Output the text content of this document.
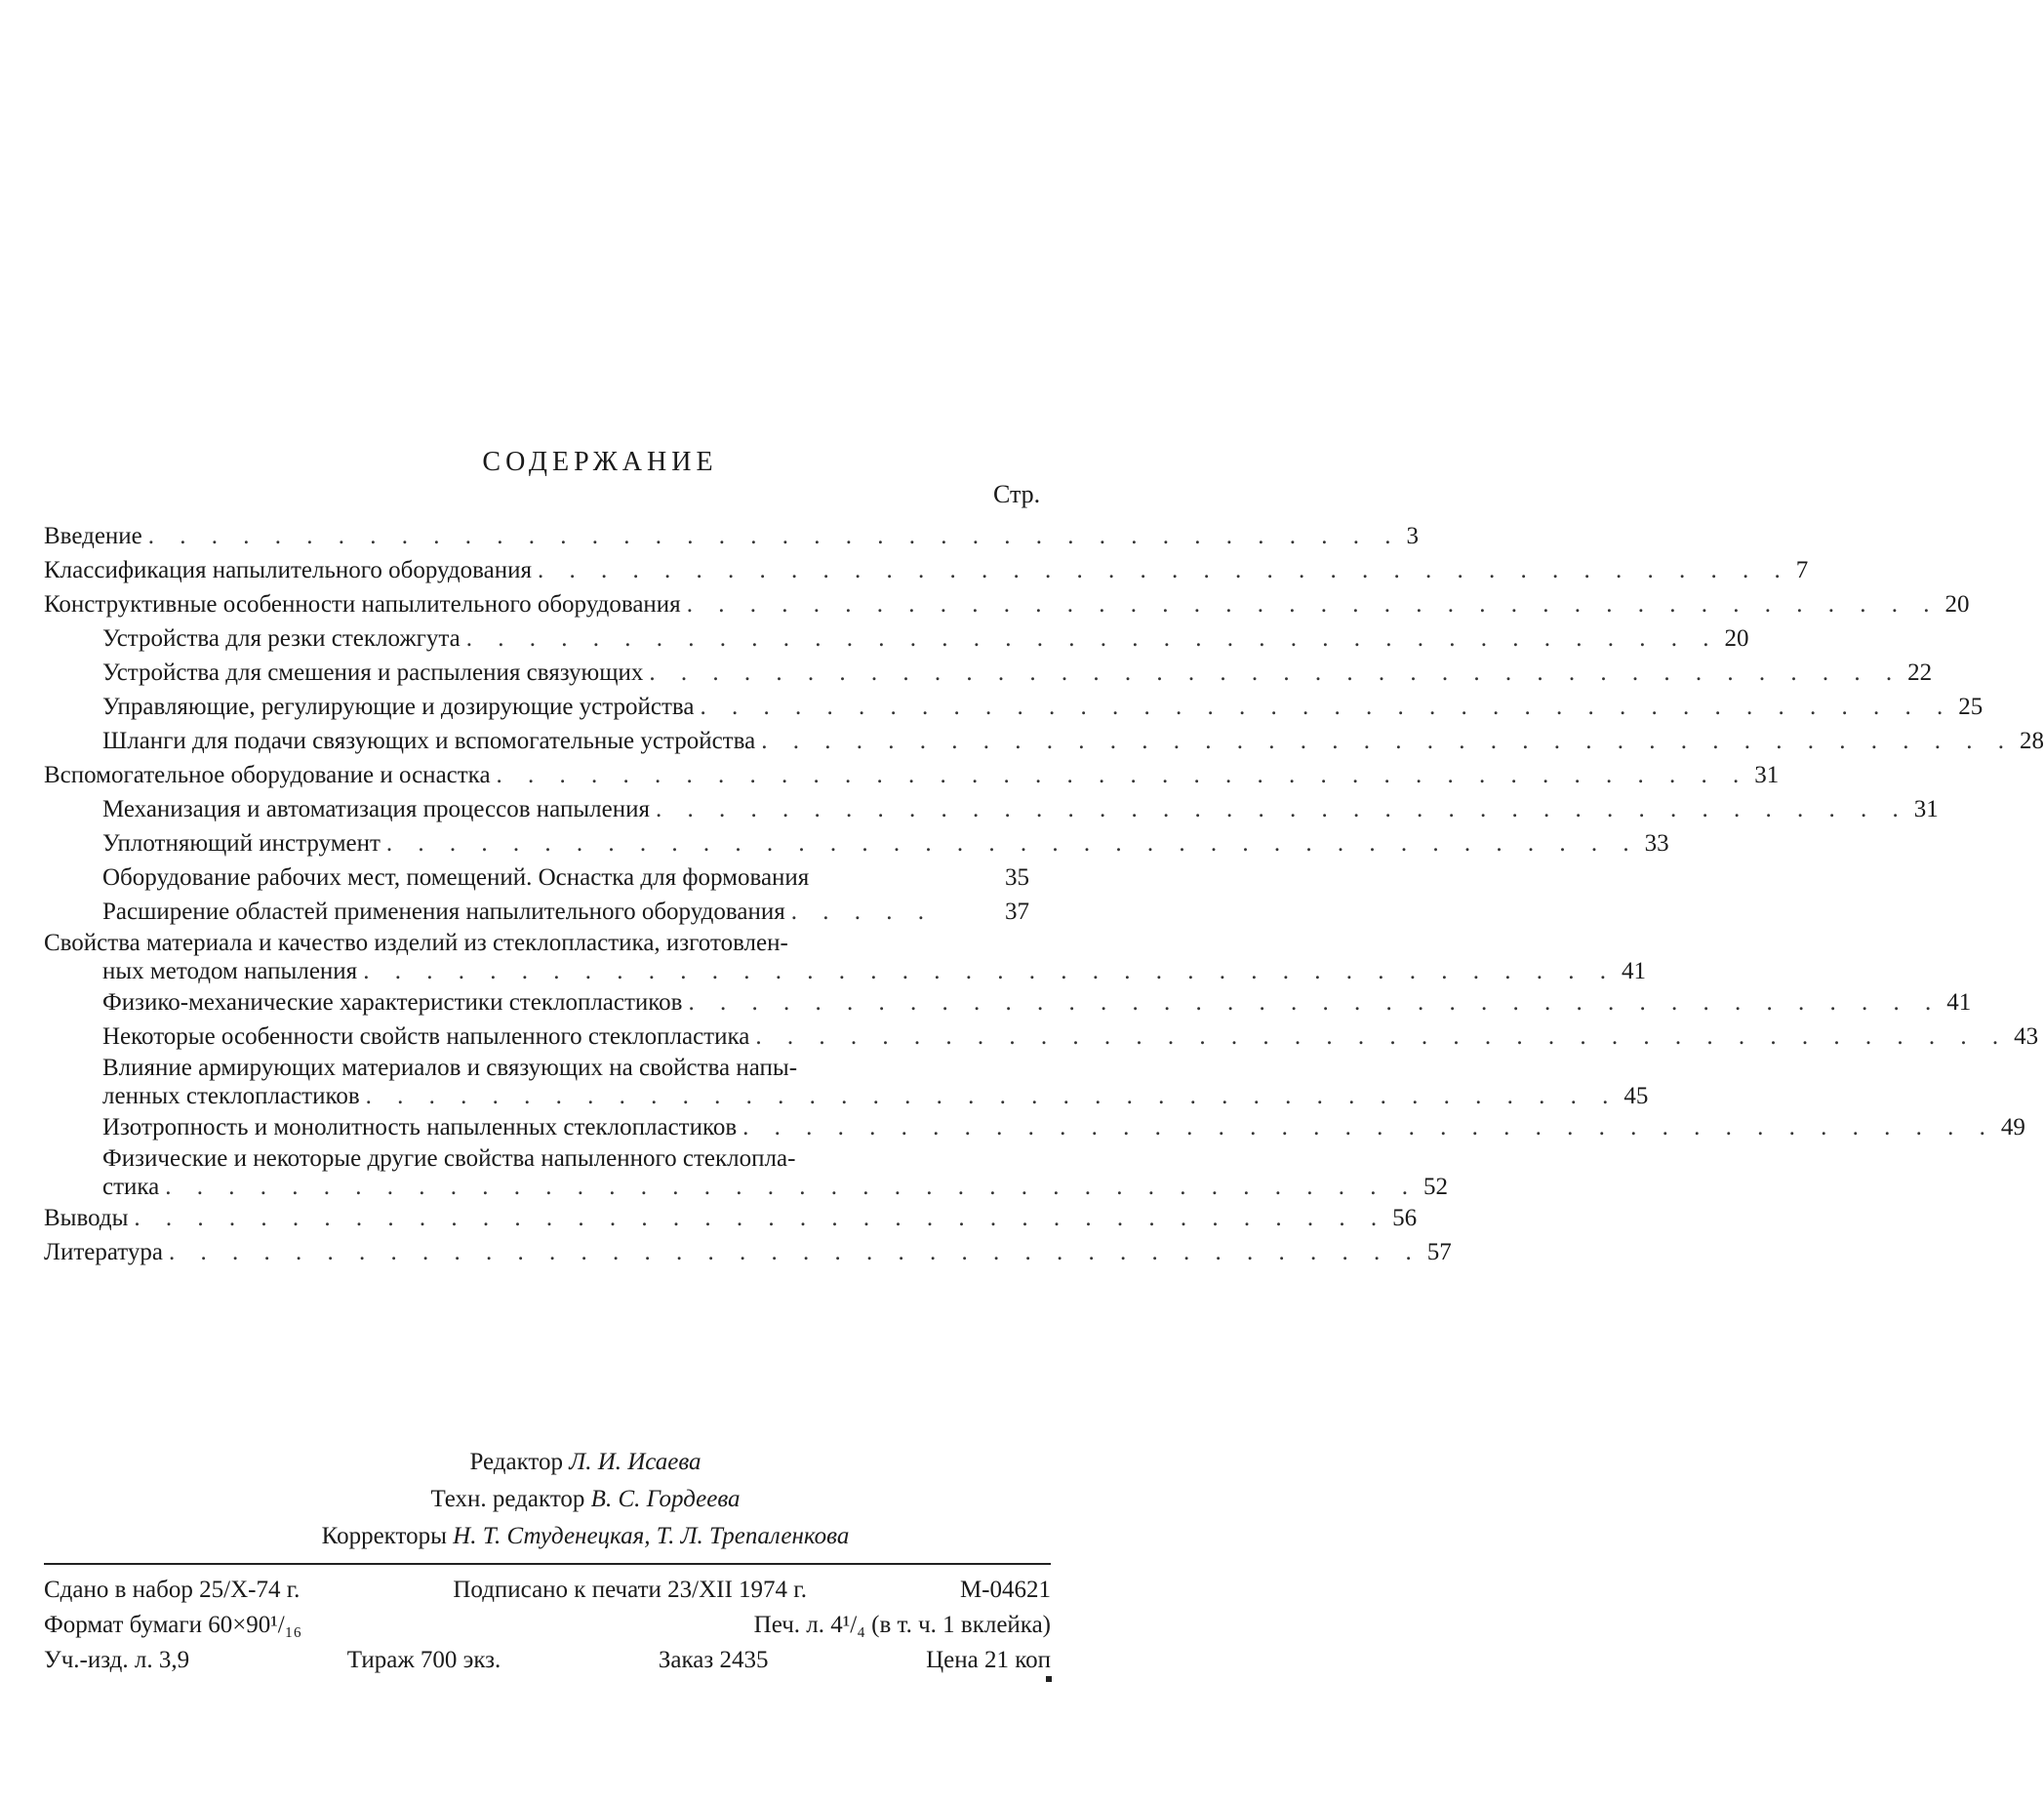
СОДЕРЖАНИЕ
Стр.
Введение . . . . . . . . . . . . . . . . . . . . . . . . . . . . . . . . . . . . . . . . 3
Классификация напылительного оборудования . . . . . . . . . . . . . . . . . . . . . . . . . . . . . . . . . . . . . . . . 7
Конструктивные особенности напылительного оборудования . . . . . . . . . . . . . . . . . . . . . . . . . . . . . . . . . . . . . . . . 20
Устройства для резки стекложгута . . . . . . . . . . . . . . . . . . . . . . . . . . . . . . . . . . . . . . . . 20
Устройства для смешения и распыления связующих . . . . . . . . . . . . . . . . . . . . . . . . . . . . . . . . . . . . . . . . 22
Управляющие, регулирующие и дозирующие устройства . . . . . . . . . . . . . . . . . . . . . . . . . . . . . . . . . . . . . . . . 25
Шланги для подачи связующих и вспомогательные устройства . . . . . . . . . . . . . . . . . . . . . . . . . . . . . . . . . . . . . . . . 28
Вспомогательное оборудование и оснастка . . . . . . . . . . . . . . . . . . . . . . . . . . . . . . . . . . . . . . . . 31
Механизация и автоматизация процессов напыления . . . . . . . . . . . . . . . . . . . . . . . . . . . . . . . . . . . . . . . . 31
Уплотняющий инструмент . . . . . . . . . . . . . . . . . . . . . . . . . . . . . . . . . . . . . . . . 33
Оборудование рабочих мест, помещений. Оснастка для формования	35
Расширение областей применения напылительного оборудования . . . . .	37
Свойства материала и качество изделий из стеклопластика, изготовлен-
ных методом напыления . . . . . . . . . . . . . . . . . . . . . . . . . . . . . . . . . . . . . . . . 41
Физико-механические характеристики стеклопластиков . . . . . . . . . . . . . . . . . . . . . . . . . . . . . . . . . . . . . . . . 41
Некоторые особенности свойств напыленного стеклопластика . . . . . . . . . . . . . . . . . . . . . . . . . . . . . . . . . . . . . . . . 43
Влияние армирующих материалов и связующих на свойства напы-
ленных стеклопластиков . . . . . . . . . . . . . . . . . . . . . . . . . . . . . . . . . . . . . . . . 45
Изотропность и монолитность напыленных стеклопластиков . . . . . . . . . . . . . . . . . . . . . . . . . . . . . . . . . . . . . . . . 49
Физические и некоторые другие свойства напыленного стеклопла-
стика . . . . . . . . . . . . . . . . . . . . . . . . . . . . . . . . . . . . . . . . 52
Выводы . . . . . . . . . . . . . . . . . . . . . . . . . . . . . . . . . . . . . . . . 56
Литература . . . . . . . . . . . . . . . . . . . . . . . . . . . . . . . . . . . . . . . . 57
Редактор Л. И. Исаева
Техн. редактор В. С. Гордеева
Корректоры Н. Т. Студенецкая, Т. Л. Трепаленкова
Сдано в набор 25/X-74 г.	Подписано к печати 23/XII 1974 г.	М-04621
Формат бумаги 60×90¹/₁₆	Печ. л. 4¹/₄ (в т. ч. 1 вклейка)
Уч.-изд. л. 3,9	Тираж 700 экз.	Заказ 2435	Цена 21 коп
